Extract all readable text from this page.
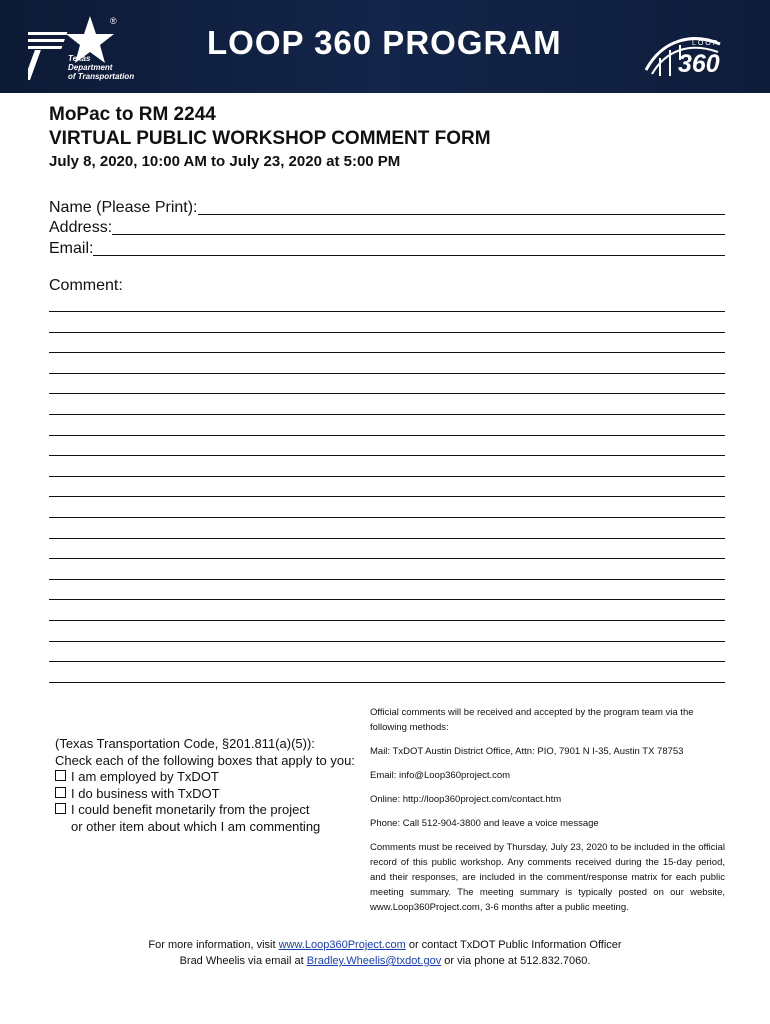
®
Texas
Department
of Transportation
LOOP 360 PROGRAM	LOOP
360
MoPac to RM 2244
VIRTUAL PUBLIC WORKSHOP COMMENT FORM
July 8, 2020, 10:00 AM to July 23, 2020 at 5:00 PM
Name (Please Print):
Address:
Email:
Comment:
(Texas Transportation Code, §201.811(a)(5)):
Check each of the following boxes that apply to you:
I am employed by TxDOT
I do business with TxDOT
I could benefit monetarily from the project
or other item about which I am commenting

Official comments will be received and accepted by the program team via the following methods:

Mail: TxDOT Austin District Office, Attn: PIO, 7901 N I-35, Austin TX 78753

Email: info@Loop360project.com

Online: http://loop360project.com/contact.htm

Phone: Call 512-904-3800 and leave a voice message

Comments must be received by Thursday, July 23, 2020 to be included in the official record of this public workshop. Any comments received during the 15-day period, and their responses, are included in the comment/response matrix for each public meeting summary. The meeting summary is typically posted on our website, www.Loop360Project.com, 3-6 months after a public meeting.

For more information, visit www.Loop360Project.com or contact TxDOT Public Information Officer
Brad Wheelis via email at Bradley.Wheelis@txdot.gov or via phone at 512.832.7060.
